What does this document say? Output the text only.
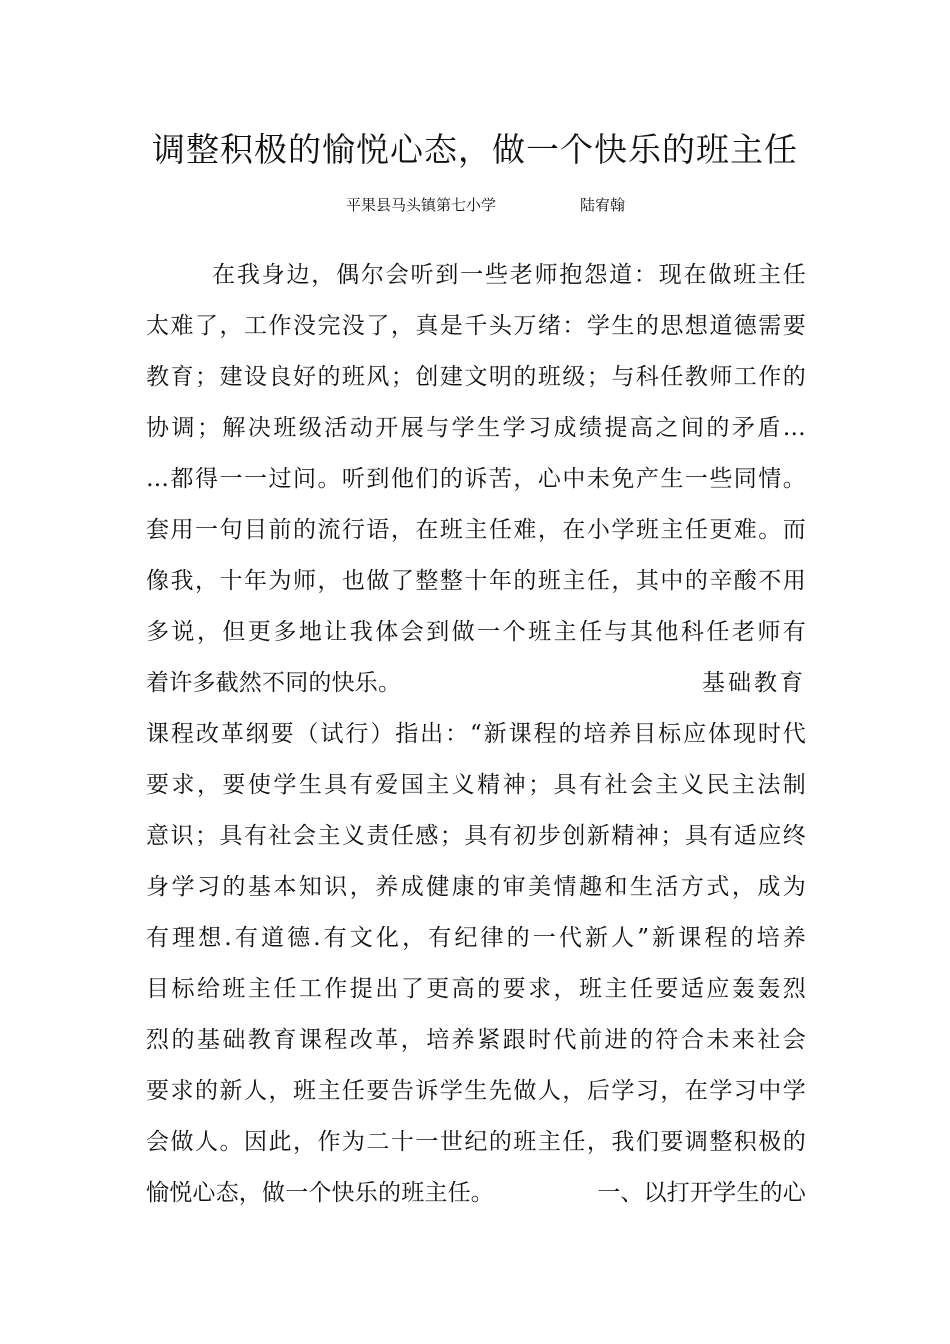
调整积极的愉悦心态，做一个快乐的班主任
平果县马头镇第七小学	陆宥翰
在我身边，偶尔会听到一些老师抱怨道：现在做班主任
太难了，工作没完没了，真是千头万绪：学生的思想道德需要
教育；建设良好的班风；创建文明的班级；与科任教师工作的
协调；解决班级活动开展与学生学习成绩提高之间的矛盾…
…都得一一过问。听到他们的诉苦，心中未免产生一些同情。
套用一句目前的流行语，在班主任难，在小学班主任更难。而
像我，十年为师，也做了整整十年的班主任，其中的辛酸不用
多说，但更多地让我体会到做一个班主任与其他科任老师有
着许多截然不同的快乐。	基础教育
课程改革纲要（试行）指出：“新课程的培养目标应体现时代
要求，要使学生具有爱国主义精神；具有社会主义民主法制
意识；具有社会主义责任感；具有初步创新精神；具有适应终
身学习的基本知识，养成健康的审美情趣和生活方式，成为
有理想.有道德.有文化，有纪律的一代新人”新课程的培养
目标给班主任工作提出了更高的要求，班主任要适应轰轰烈
烈的基础教育课程改革，培养紧跟时代前进的符合未来社会
要求的新人，班主任要告诉学生先做人，后学习，在学习中学
会做人。因此，作为二十一世纪的班主任，我们要调整积极的
愉悦心态，做一个快乐的班主任。	一、以打开学生的心
